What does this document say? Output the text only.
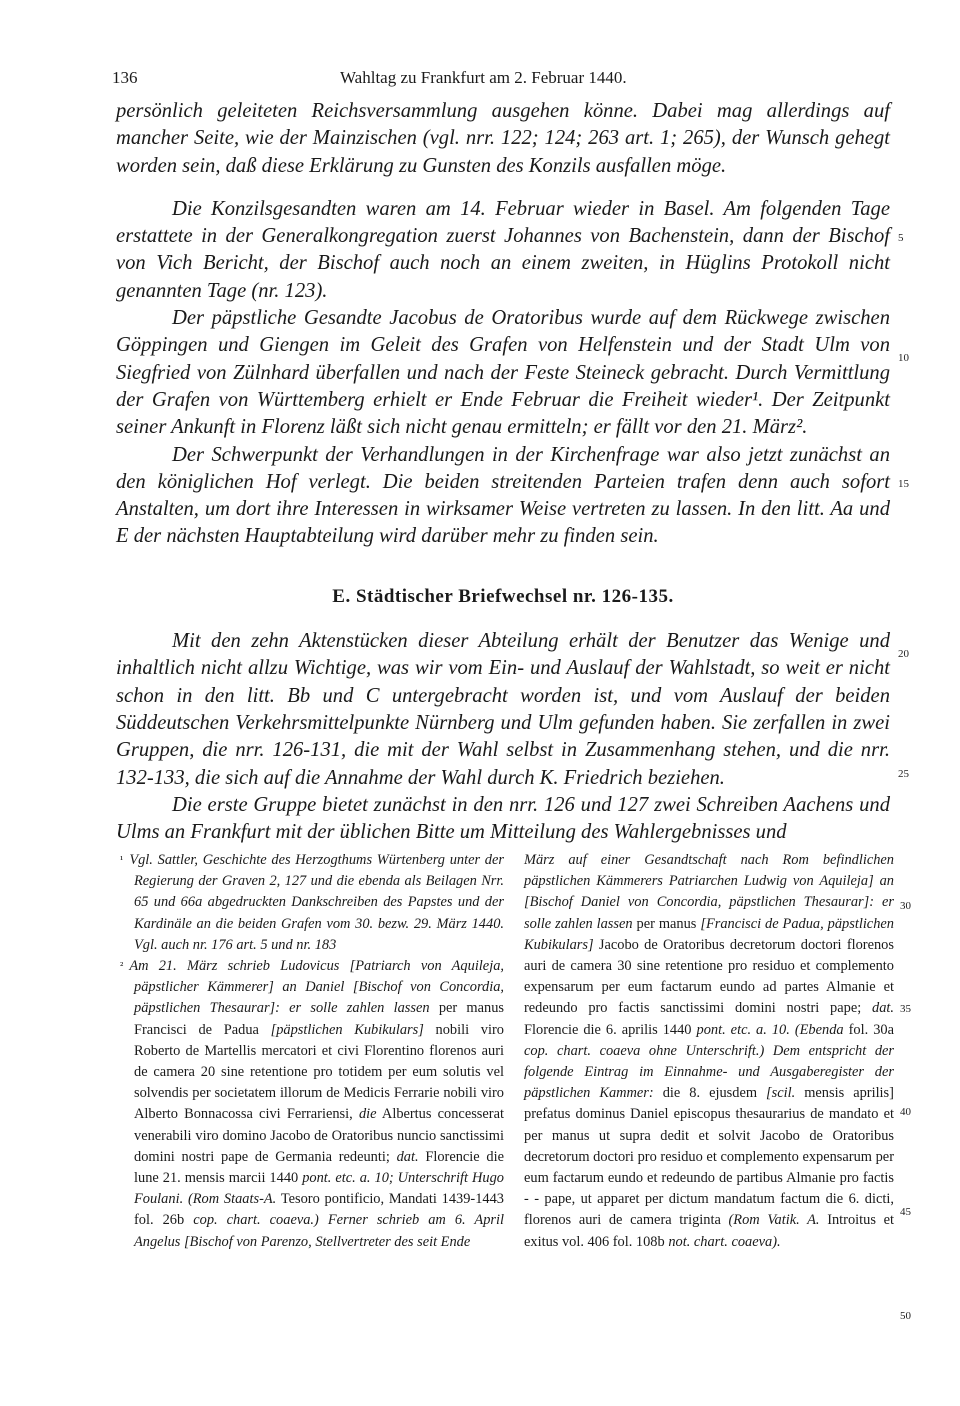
136	Wahltag zu Frankfurt am 2. Februar 1440.

persönlich geleiteten Reichsversammlung ausgehen könne. Dabei mag allerdings auf mancher Seite, wie der Mainzischen (vgl. nrr. 122; 124; 263 art. 1; 265), der Wunsch gehegt worden sein, daß diese Erklärung zu Gunsten des Konzils ausfallen möge.

Die Konzilsgesandten waren am 14. Februar wieder in Basel. Am folgenden Tage erstattete in der Generalkongregation zuerst Johannes von Bachenstein, dann der Bischof von Vich Bericht, der Bischof auch noch an einem zweiten, in Hüglins Protokoll nicht genannten Tage (nr. 123).

Der päpstliche Gesandte Jacobus de Oratoribus wurde auf dem Rückwege zwischen Göppingen und Giengen im Geleit des Grafen von Helfenstein und der Stadt Ulm von Siegfried von Zülnhard überfallen und nach der Feste Steineck gebracht. Durch Vermittlung der Grafen von Württemberg erhielt er Ende Februar die Freiheit wieder¹. Der Zeitpunkt seiner Ankunft in Florenz läßt sich nicht genau ermitteln; er fällt vor den 21. März².

Der Schwerpunkt der Verhandlungen in der Kirchenfrage war also jetzt zunächst an den königlichen Hof verlegt. Die beiden streitenden Parteien trafen denn auch sofort Anstalten, um dort ihre Interessen in wirksamer Weise vertreten zu lassen. In den litt. Aa und E der nächsten Hauptabteilung wird darüber mehr zu finden sein.

E. Städtischer Briefwechsel nr. 126-135.

Mit den zehn Aktenstücken dieser Abteilung erhält der Benutzer das Wenige und inhaltlich nicht allzu Wichtige, was wir vom Ein- und Auslauf der Wahlstadt, so weit er nicht schon in den litt. Bb und C untergebracht worden ist, und vom Auslauf der beiden Süddeutschen Verkehrsmittelpunkte Nürnberg und Ulm gefunden haben. Sie zerfallen in zwei Gruppen, die nrr. 126-131, die mit der Wahl selbst in Zusammenhang stehen, und die nrr. 132-133, die sich auf die Annahme der Wahl durch K. Friedrich beziehen.

Die erste Gruppe bietet zunächst in den nrr. 126 und 127 zwei Schreiben Aachens und Ulms an Frankfurt mit der üblichen Bitte um Mitteilung des Wahlergebnisses und

5
10
15
20
25

$^{^1}$ Vgl. Sattler, Geschichte des Herzogthums Würtenberg unter der Regierung der Graven 2, 127 und die ebenda als Beilagen Nrr. 65 und 66a abgedruckten Dankschreiben des Papstes und der Kardinäle an die beiden Grafen vom 30. bezw. 29. März 1440. Vgl. auch nr. 176 art. 5 und nr. 183

$^{^2}$ Am 21. März schrieb Ludovicus [Patriarch von Aquileja, päpstlicher Kämmerer] an Daniel [Bischof von Concordia, päpstlichen Thesaurar]: er solle zahlen lassen per manus Francisci de Padua [päpstlichen Kubikulars] nobili viro Roberto de Martellis mercatori et civi Florentino florenos auri de camera 20 sine retentione pro totidem per eum solutis vel solvendis per societatem illorum de Medicis Ferrarie nobili viro Alberto Bonnacossa civi Ferrariensi, die Albertus concesserat venerabili viro domino Jacobo de Oratoribus nuncio sanctissimi domini nostri pape de Germania redeunti; dat. Florencie die lune 21. mensis marcii 1440 pont. etc. a. 10; Unterschrift Hugo Foulani. (Rom Staats-A. Tesoro pontificio, Mandati 1439-1443 fol. 26b cop. chart. coaeva.) Ferner schrieb am 6. April Angelus [Bischof von Parenzo, Stellvertreter des seit Ende

März auf einer Gesandtschaft nach Rom befindlichen päpstlichen Kämmerers Patriarchen Ludwig von Aquileja] an [Bischof Daniel von Concordia, päpstlichen Thesaurar]: er solle zahlen lassen per manus [Francisci de Padua, päpstlichen Kubikulars] Jacobo de Oratoribus decretorum doctori florenos auri de camera 30 sine retentione pro residuo et complemento expensarum per eum factarum eundo ad partes Almanie et redeundo pro factis sanctissimi domini nostri pape; dat. Florencie die 6. aprilis 1440 pont. etc. a. 10. (Ebenda fol. 30a cop. chart. coaeva ohne Unterschrift.) Dem entspricht der folgende Eintrag im Einnahme- und Ausgaberegister der päpstlichen Kammer: die 8. ejusdem [scil. mensis aprilis] prefatus dominus Daniel episcopus thesaurarius de mandato et per manus ut supra dedit et solvit Jacobo de Oratoribus decretorum doctori pro residuo et complemento expensarum per eum factarum eundo et redeundo de partibus Almanie pro factis - - pape, ut apparet per dictum mandatum factum die 6. dicti, florenos auri de camera triginta (Rom Vatik. A. Introitus et exitus vol. 406 fol. 108b not. chart. coaeva).

30
35
40
45
50
